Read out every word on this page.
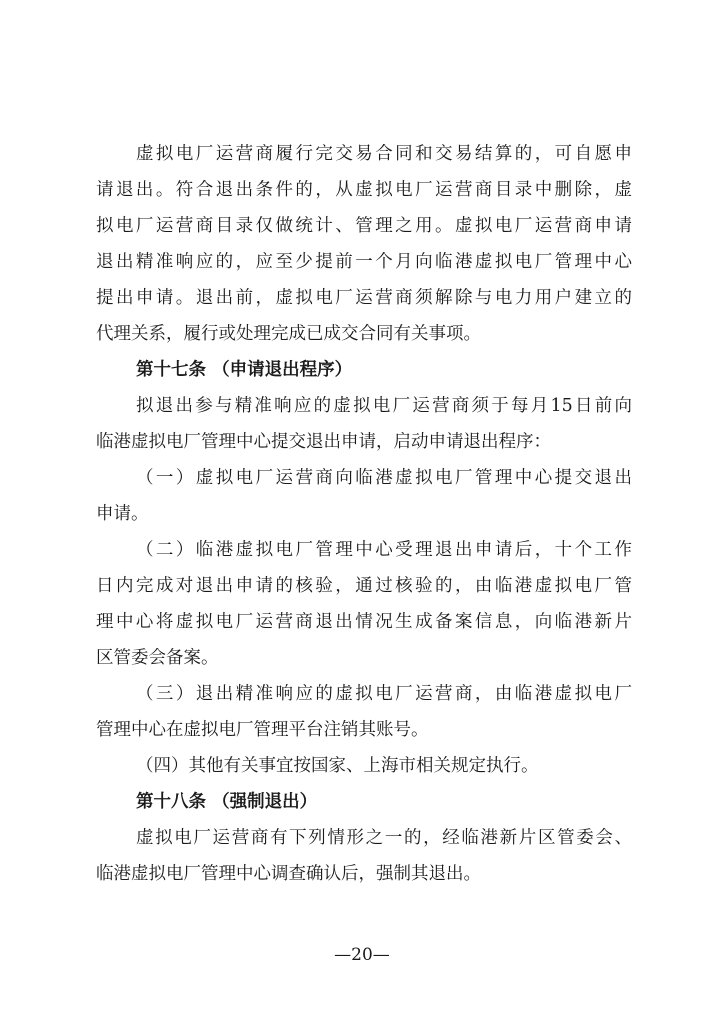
虚拟电厂运营商履行完交易合同和交易结算的，可自愿申
请退出。符合退出条件的，从虚拟电厂运营商目录中删除，虚
拟电厂运营商目录仅做统计、管理之用。虚拟电厂运营商申请
退出精准响应的，应至少提前一个月向临港虚拟电厂管理中心
提出申请。退出前，虚拟电厂运营商须解除与电力用户建立的
代理关系，履行或处理完成已成交合同有关事项。
第十七条 （申请退出程序）
拟退出参与精准响应的虚拟电厂运营商须于每月15日前向
临港虚拟电厂管理中心提交退出申请，启动申请退出程序：
（一）虚拟电厂运营商向临港虚拟电厂管理中心提交退出
申请。
（二）临港虚拟电厂管理中心受理退出申请后，十个工作
日内完成对退出申请的核验，通过核验的，由临港虚拟电厂管
理中心将虚拟电厂运营商退出情况生成备案信息，向临港新片
区管委会备案。
（三）退出精准响应的虚拟电厂运营商，由临港虚拟电厂
管理中心在虚拟电厂管理平台注销其账号。
（四）其他有关事宜按国家、上海市相关规定执行。
第十八条 （强制退出）
虚拟电厂运营商有下列情形之一的，经临港新片区管委会、
临港虚拟电厂管理中心调查确认后，强制其退出。
—20—
